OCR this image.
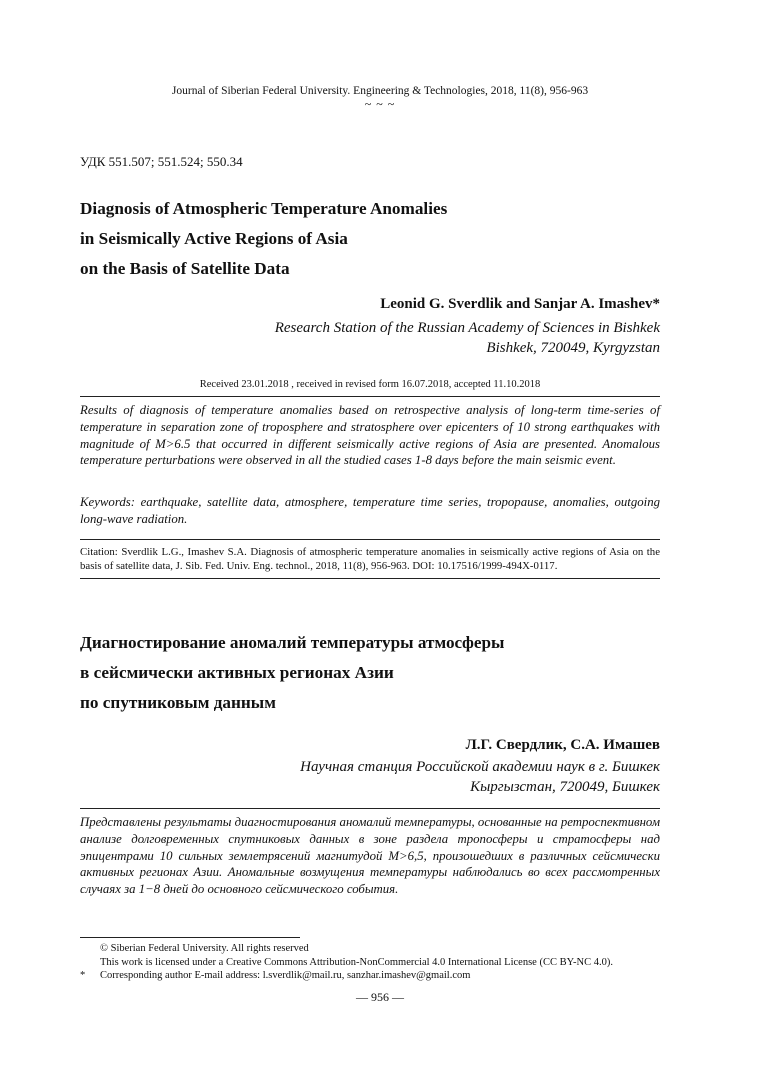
Journal of Siberian Federal University. Engineering & Technologies, 2018, 11(8), 956-963

~ ~ ~

УДК 551.507; 551.524; 550.34

Diagnosis of Atmospheric Temperature Anomalies
in Seismically Active Regions of Asia
on the Basis of Satellite Data

Leonid G. Sverdlik and Sanjar A. Imashev*

Research Station of the Russian Academy of Sciences in Bishkek
Bishkek, 720049, Kyrgyzstan

Received 23.01.2018 , received in revised form 16.07.2018, accepted 11.10.2018

Results of diagnosis of temperature anomalies based on retrospective analysis of long-term time-series of temperature in separation zone of troposphere and stratosphere over epicenters of 10 strong earthquakes with magnitude of M>6.5 that occurred in different seismically active regions of Asia are presented. Anomalous temperature perturbations were observed in all the studied cases 1-8 days before the main seismic event.

Keywords: earthquake, satellite data, atmosphere, temperature time series, tropopause, anomalies, outgoing long-wave radiation.

Citation: Sverdlik L.G., Imashev S.A. Diagnosis of atmospheric temperature anomalies in seismically active regions of Asia on the basis of satellite data, J. Sib. Fed. Univ. Eng. technol., 2018, 11(8), 956-963. DOI: 10.17516/1999-494X-0117.

Диагностирование аномалий температуры атмосферы
в сейсмически активных регионах Азии
по спутниковым данным

Л.Г. Свердлик, С.А. Имашев

Научная станция Российской академии наук в г. Бишкек
Кыргызстан, 720049, Бишкек

Представлены результаты диагностирования аномалий температуры, основанные на ретроспективном анализе долговременных спутниковых данных в зоне раздела тропосферы и стратосферы над эпицентрами 10 сильных землетрясений магнитудой M>6,5, произошедших в различных сейсмически активных регионах Азии. Аномальные возмущения температуры наблюдались во всех рассмотренных случаях за 1−8 дней до основного сейсмического события.

© Siberian Federal University. All rights reserved
This work is licensed under a Creative Commons Attribution-NonCommercial 4.0 International License (CC BY-NC 4.0).
*	Corresponding author E-mail address: l.sverdlik@mail.ru, sanzhar.imashev@gmail.com

— 956 —
